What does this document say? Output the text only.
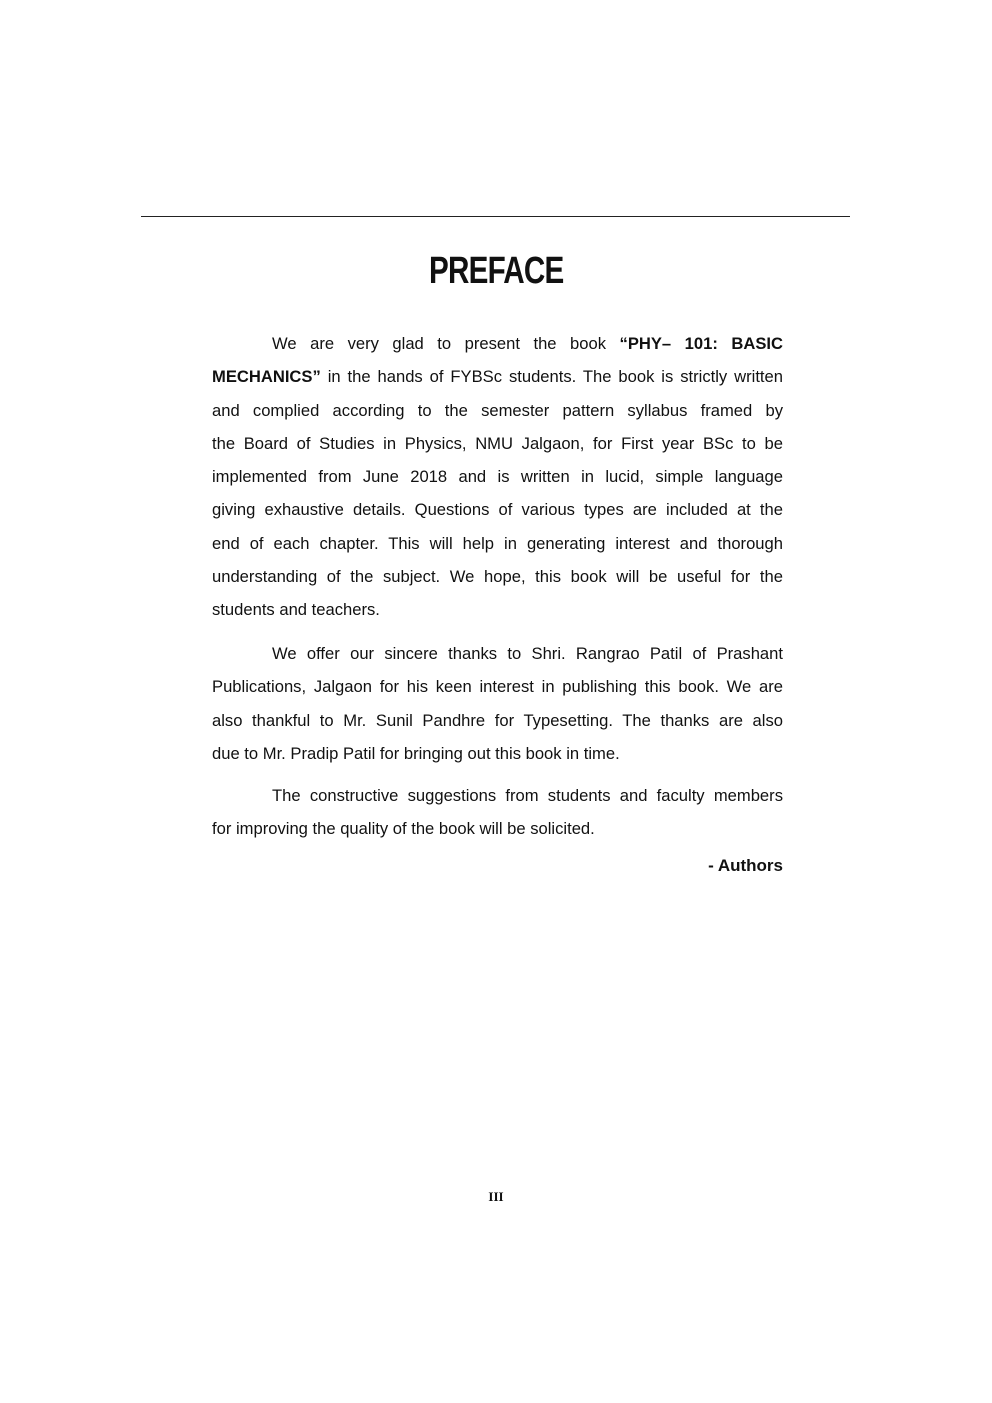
PREFACE
We are very glad to present the book “PHY– 101: BASIC
MECHANICS” in the hands of FYBSc students. The book is strictly written
and complied according to the semester pattern syllabus framed by
the Board of Studies in Physics, NMU Jalgaon, for First year BSc to be
implemented from June 2018 and is written in lucid, simple language
giving exhaustive details. Questions of various types are included at the
end of each chapter. This will help in generating interest and thorough
understanding of the subject. We hope, this book will be useful for the
students and teachers.
We offer our sincere thanks to Shri. Rangrao Patil of Prashant
Publications, Jalgaon for his keen interest in publishing this book. We are
also thankful to Mr. Sunil Pandhre for Typesetting. The thanks are also
due to Mr. Pradip Patil for bringing out this book in time.
The constructive suggestions from students and faculty members
for improving the quality of the book will be solicited.
- Authors
III
